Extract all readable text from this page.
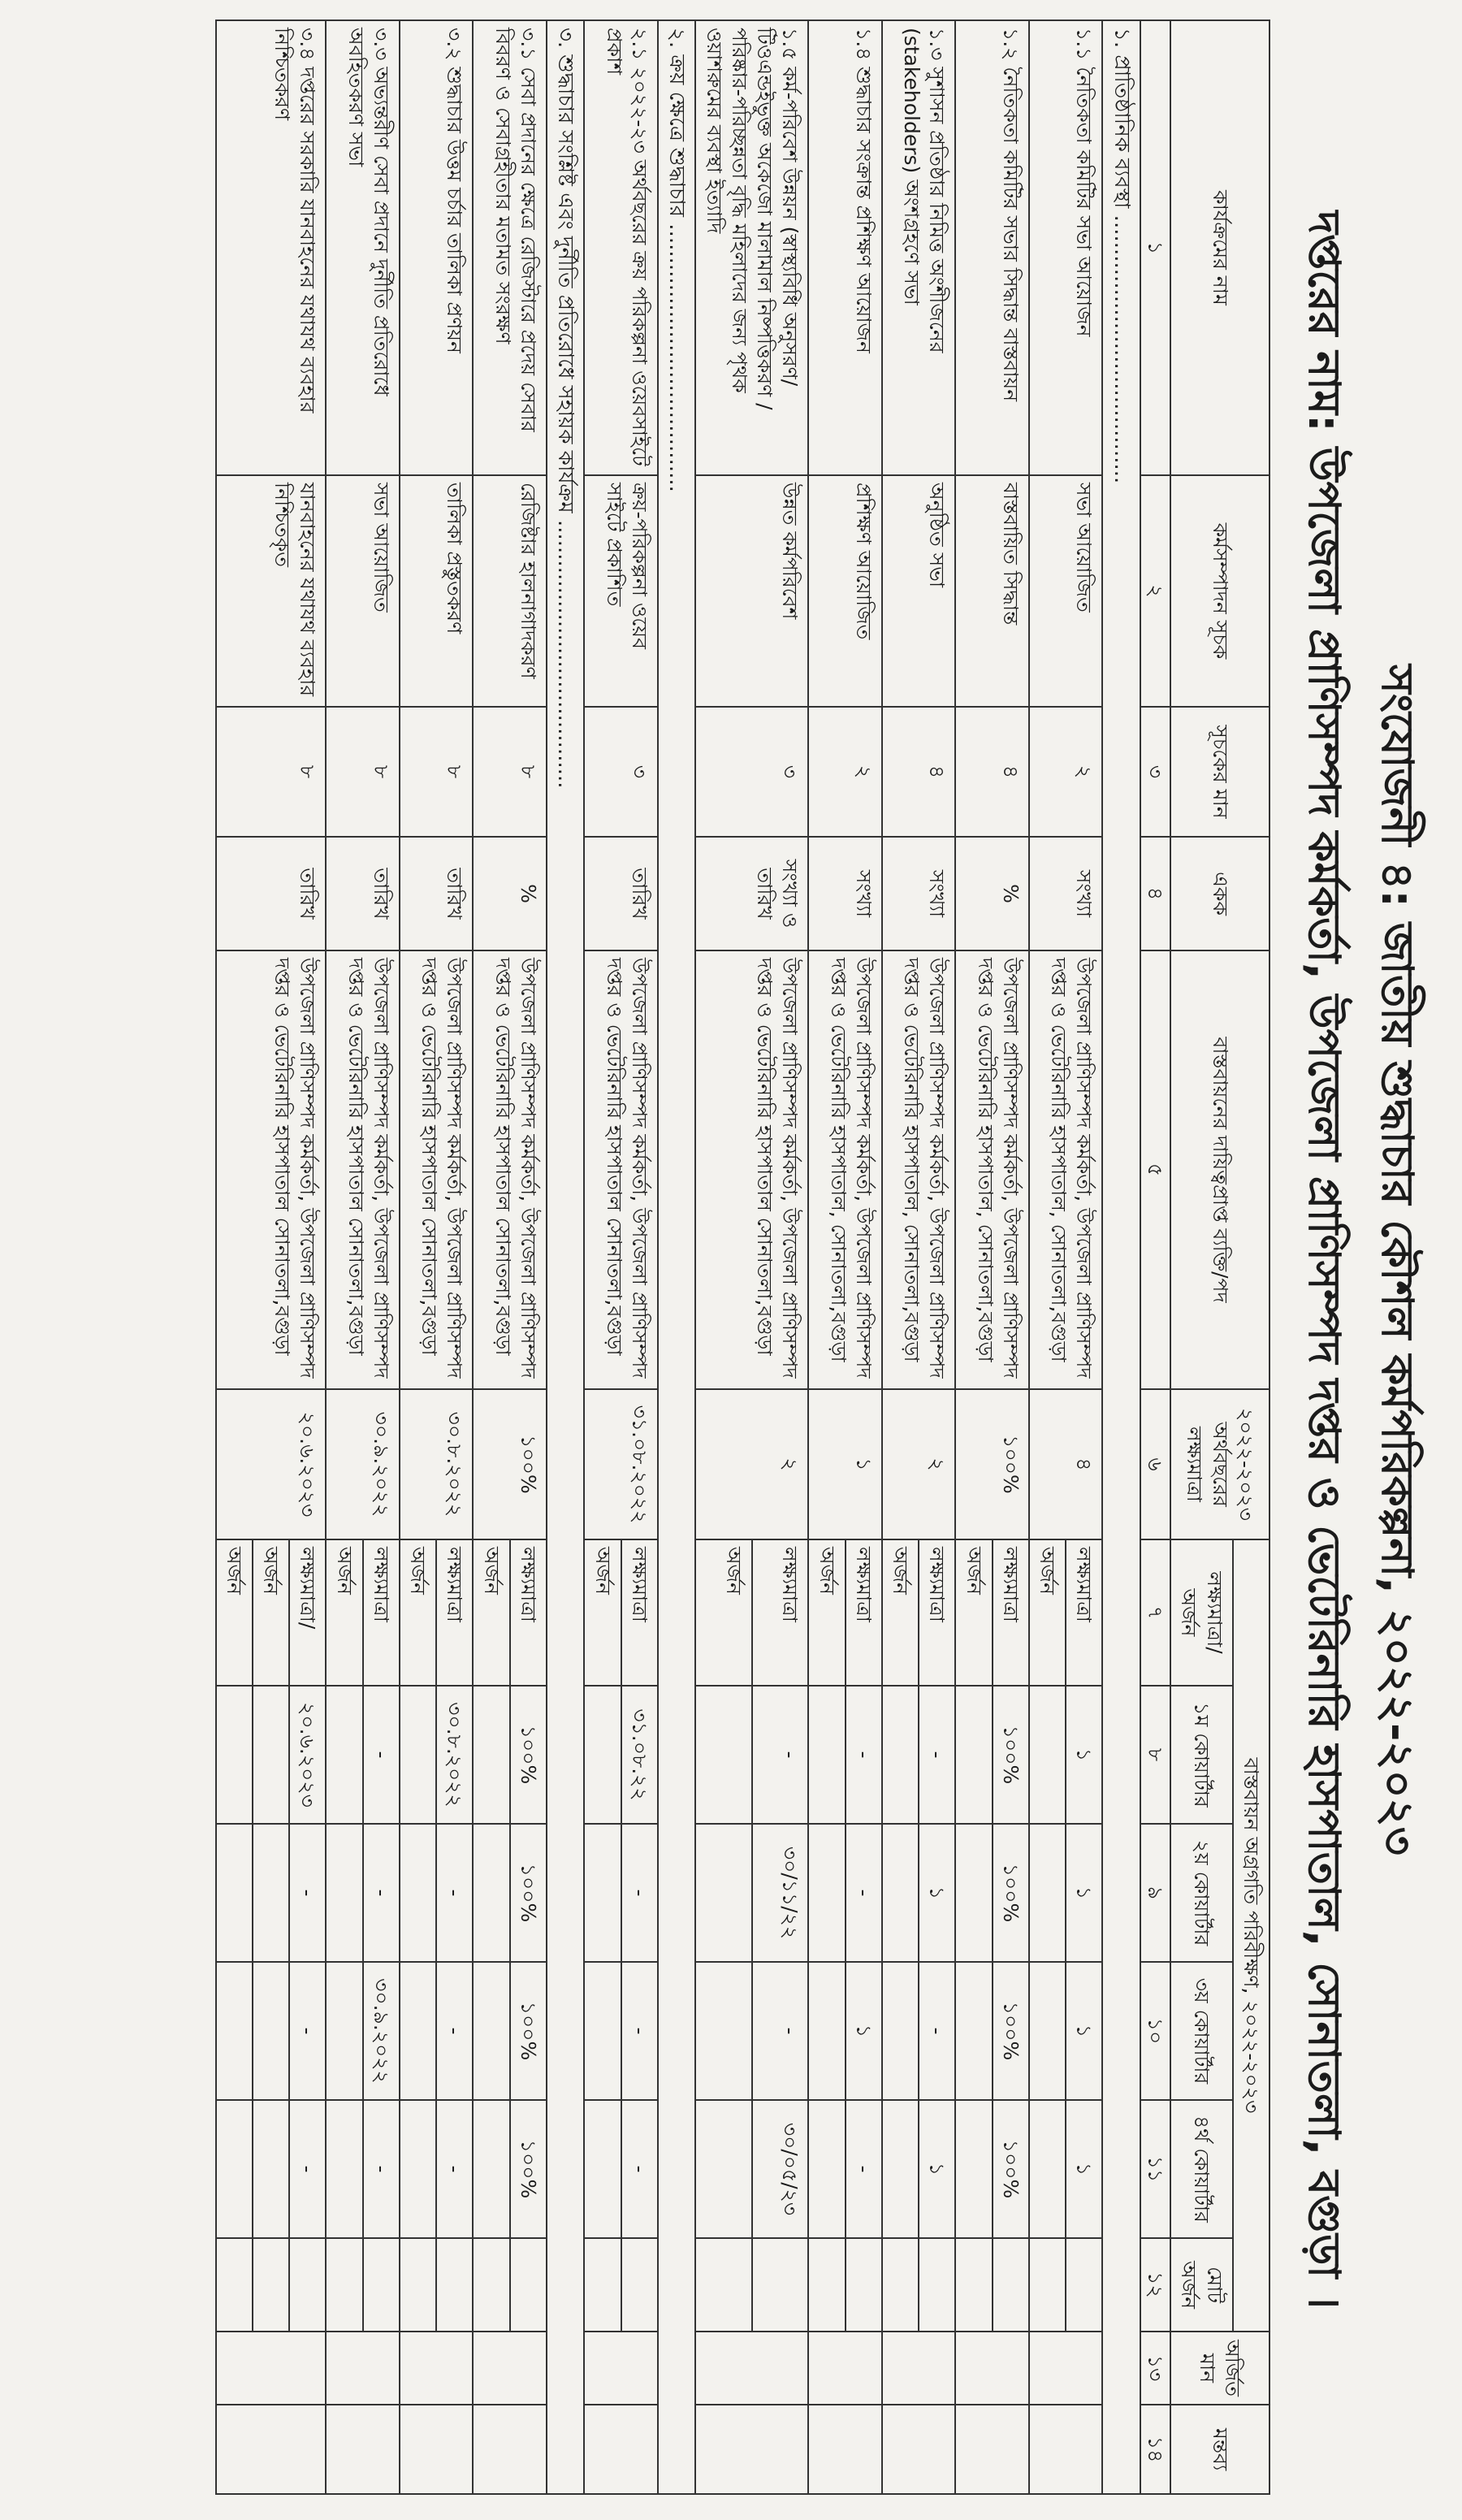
সংযোজনী ৪: জাতীয় শুদ্ধাচার কৌশল কর্মপরিকল্পনা, ২০২২-২০২৩
দপ্তরের নাম: উপজেলা প্রাণিসম্পদ কর্মকর্তা, উপজেলা প্রাণিসম্পদ দপ্তর ও ভেটেরিনারি হাসপাতাল, সোনাতলা, বগুড়া ।
কার্যক্রমের নাম	কর্মসম্পাদন সূচক	সূচকের মান	একক	বাস্তবায়নের দায়িত্বপ্রাপ্ত ব্যক্তি/পদ	২০২২-২০২৩ অর্থবছরের লক্ষ্যমাত্রা	বাস্তবায়ন অগ্রগতি পরিবীক্ষণ, ২০২২-২০২৩						অর্জিত মান	মন্তব্য
						লক্ষ্যমাত্রা/ অর্জন	১ম কোয়ার্টার	২য় কোয়ার্টার	৩য় কোয়ার্টার	৪র্থ কোয়ার্টার	মোট অর্জন		
১	২	৩	৪	৫	৬	৭	৮	৯	১০	১১	১২	১৩	১৪
১. প্রাতিষ্ঠানিক ব্যবস্থা ........................................													
১.১ নৈতিকতা কমিটির সভা আয়োজন	সভা আয়োজিত	২	সংখ্যা	উপজেলা প্রাণিসম্পদ কর্মকর্তা, উপজেলা প্রাণিসম্পদ দপ্তর ও ভেটেরিনারি হাসপাতাল, সোনাতলা,বগুড়া	৪	লক্ষ্যমাত্রা	১	১	১	১			
						অর্জন							
১.২ নৈতিকতা কমিটির সভার সিদ্ধান্ত বাস্তবায়ন	বাস্তবায়িত সিদ্ধান্ত	৪	%	উপজেলা প্রাণিসম্পদ কর্মকর্তা, উপজেলা প্রাণিসম্পদ দপ্তর ও ভেটেরিনারি হাসপাতাল, সোনাতলা,বগুড়া	১০০%	লক্ষ্যমাত্রা	১০০%	১০০%	১০০%	১০০%			
						অর্জন							
১.৩ সুশাসন প্রতিষ্ঠার নিমিত্ত অংশীজনের (stakeholders) অংশগ্রহণে সভা	অনুষ্ঠিত সভা	৪	সংখ্যা	উপজেলা প্রাণিসম্পদ কর্মকর্তা, উপজেলা প্রাণিসম্পদ দপ্তর ও ভেটেরিনারি হাসপাতাল, সোনাতলা,বগুড়া	২	লক্ষ্যমাত্রা	-	১	-	১			
						অর্জন							
১.৪ শুদ্ধাচার সংক্রান্ত প্রশিক্ষণ আয়োজন	প্রশিক্ষণ আয়োজিত	২	সংখ্যা	উপজেলা প্রাণিসম্পদ কর্মকর্তা, উপজেলা প্রাণিসম্পদ দপ্তর ও ভেটেরিনারি হাসপাতাল, সোনাতলা,বগুড়া	১	লক্ষ্যমাত্রা	-	-	১	-			
						অর্জন							
১.৫ কর্ম-পরিবেশ উন্নয়ন (স্বাস্থ্যবিধি অনুসরণ/টিওএন্ডইভুক্ত অকেজো মালামাল নিষ্পত্তিকরণ /পরিষ্কার-পরিচ্ছন্নতা বৃদ্ধি মহিলাদের জন্য পৃথক ওয়াশরুমের ব্যবস্থা ইত্যাদি	উন্নত কর্মপরিবেশ	৩	সংখ্যা ও তারিখ	উপজেলা প্রাণিসম্পদ কর্মকর্তা, উপজেলা প্রাণিসম্পদ দপ্তর ও ভেটেরিনারি হাসপাতাল সোনাতলা,বগুড়া	২	লক্ষ্যমাত্রা	-	৩০/১১/২২	-	৩০/০৫/২৩			
						অর্জন							
২. ক্রয় ক্ষেত্রে শুদ্ধাচার ........................................													
২.১ ২০২২-২৩ অর্থবছরের ক্রয় পরিকল্পনা ওয়েবসাইটে প্রকাশ	ক্রয়-পরিকল্পনা ওয়েব সাইটে প্রকাশিত	৩	তারিখ	উপজেলা প্রাণিসম্পদ কর্মকর্তা, উপজেলা প্রাণিসম্পদ দপ্তর ও ভেটেরিনারি হাসপাতাল সোনাতলা,বগুড়া	৩১.০৮.২০২২	লক্ষ্যমাত্রা	৩১.০৮.২২	-	-	-			
						অর্জন							
৩. শুদ্ধাচার সংশ্লিষ্ট এবং দুর্নীতি প্রতিরোধে সহায়ক কার্যক্রম ........................................													
৩.১ সেবা প্রদানের ক্ষেত্রে রেজিস্টারে প্রদেয় সেবার বিবরণ ও সেবাগ্রহীতার মতামত সংরক্ষণ	রেজিষ্টার হালনাগাদকরণ	৮	%	উপজেলা প্রাণিসম্পদ কর্মকর্তা, উপজেলা প্রাণিসম্পদ দপ্তর ও ভেটেরিনারি হাসপাতাল সোনাতলা,বগুড়া	১০০%	লক্ষ্যমাত্রা	১০০%	১০০%	১০০%	১০০%			
						অর্জন							
৩.২ শুদ্ধাচার উত্তম চর্চার তালিকা প্রণয়ন	তালিকা প্রস্তুতকরণ	৮	তারিখ	উপজেলা প্রাণিসম্পদ কর্মকর্তা, উপজেলা প্রাণিসম্পদ দপ্তর ও ভেটেরিনারি হাসপাতাল সোনাতলা,বগুড়া	৩০.৮.২০২২	লক্ষ্যমাত্রা	৩০.৮.২০২২	-	-	-			
						অর্জন							
৩.৩ অভ্যন্তরীণ সেবা প্রদানে দুর্নীতি প্রতিরোধে অবহিতকরণ সভা	সভা আয়োজিত	৮	তারিখ	উপজেলা প্রাণিসম্পদ কর্মকর্তা, উপজেলা প্রাণিসম্পদ দপ্তর ও ভেটেরিনারি হাসপাতাল সোনাতলা,বগুড়া	৩০.৯.২০২২	লক্ষ্যমাত্রা	-	-	৩০.৯.২০২২	-			
						অর্জন							
৩.৪ দপ্তরের সরকারি যানবাহনের যথাযথ ব্যবহার নিশ্চিতকরণ	যানবাহনের যথাযথ ব্যবহার নিশ্চিতকৃত	৮	তারিখ	উপজেলা প্রাণিসম্পদ কর্মকর্তা, উপজেলা প্রাণিসম্পদ দপ্তর ও ভেটেরিনারি হাসপাতাল সোনাতলা,বগুড়া	২০.৬.২০২৩	লক্ষ্যমাত্রা/	২০.৬.২০২৩	-	-	-			
						অর্জন							
						অর্জন							
